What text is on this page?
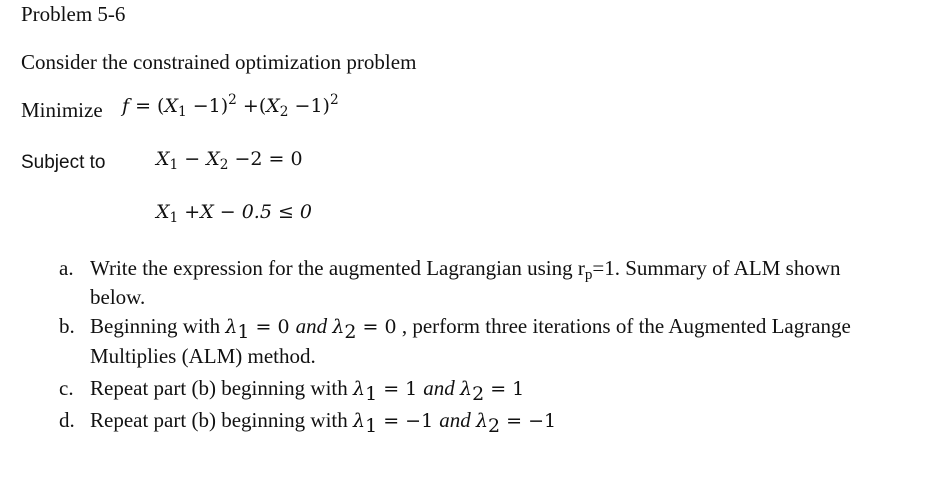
Problem 5-6
Consider the constrained optimization problem
Minimize $f = (X_1 -1)^2 +(X_2 -1)^2$
Subject to	$X_1 - X_2 -2 = 0$
$X_1 +X - 0.5 \le 0$
a. Write the expression for the augmented Lagrangian using $r_p=1$. Summary of ALM shown
below.
b. Beginning with $\lambda_1 = 0$ and $\lambda_2 = 0$ , perform three iterations of the Augmented Lagrange
Multiplies (ALM) method.
c. Repeat part (b) beginning with $\lambda_1 = 1$ and $\lambda_2 = 1$
d. Repeat part (b) beginning with $\lambda_1 = -1$ and $\lambda_2 = -1$
